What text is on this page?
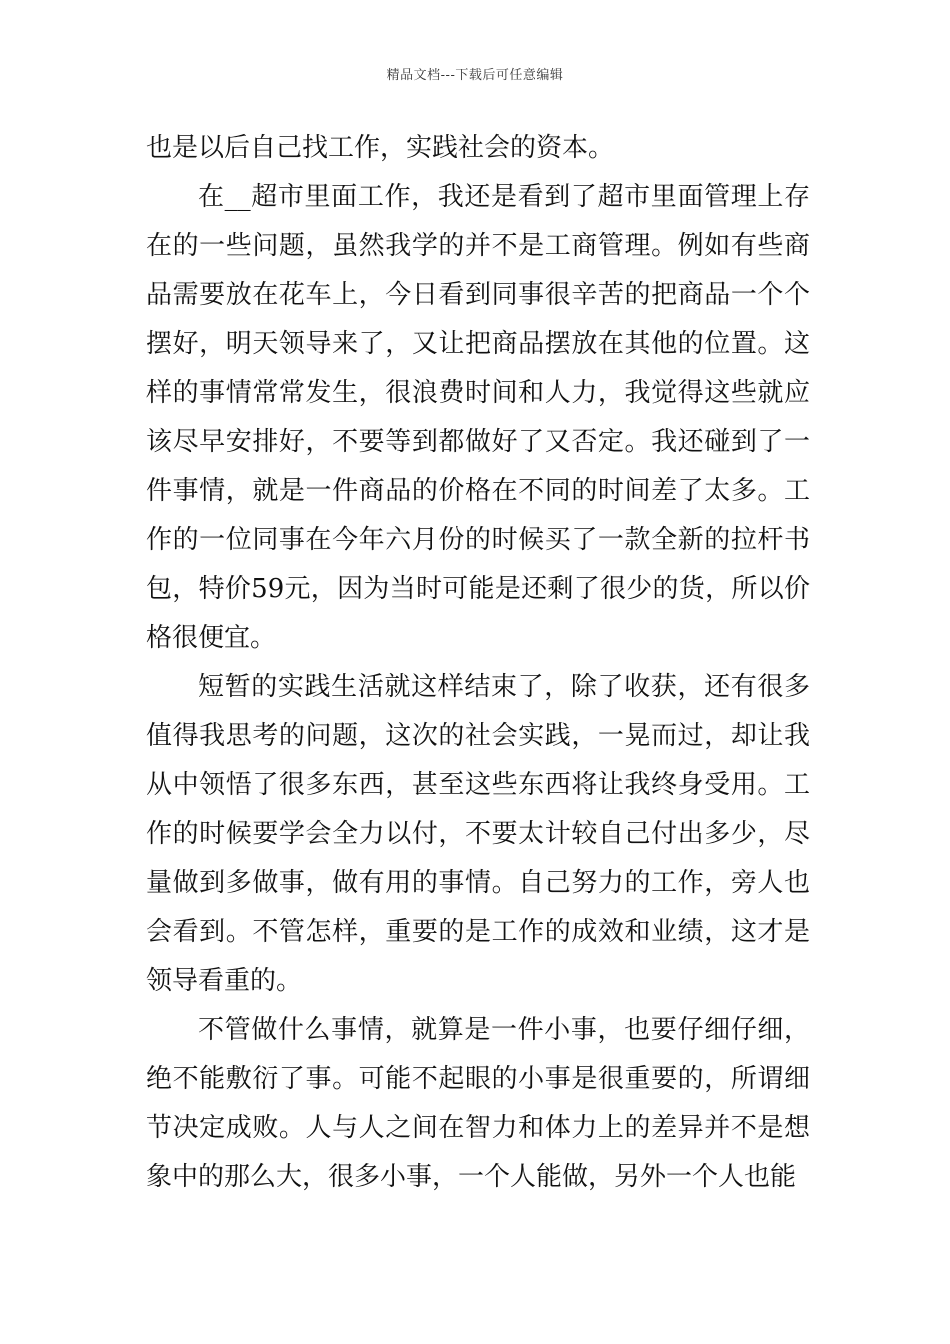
精品文档---下载后可任意编辑

也是以后自己找工作，实践社会的资本。

在__超市里面工作，我还是看到了超市里面管理上存在的一些问题，虽然我学的并不是工商管理。例如有些商品需要放在花车上，今日看到同事很辛苦的把商品一个个摆好，明天领导来了，又让把商品摆放在其他的位置。这样的事情常常发生，很浪费时间和人力，我觉得这些就应该尽早安排好，不要等到都做好了又否定。我还碰到了一件事情，就是一件商品的价格在不同的时间差了太多。工作的一位同事在今年六月份的时候买了一款全新的拉杆书包，特价59元，因为当时可能是还剩了很少的货，所以价格很便宜。

短暂的实践生活就这样结束了，除了收获，还有很多值得我思考的问题，这次的社会实践，一晃而过，却让我从中领悟了很多东西，甚至这些东西将让我终身受用。工作的时候要学会全力以付，不要太计较自己付出多少，尽量做到多做事，做有用的事情。自己努力的工作，旁人也会看到。不管怎样，重要的是工作的成效和业绩，这才是领导看重的。

不管做什么事情，就算是一件小事，也要仔细仔细，绝不能敷衍了事。可能不起眼的小事是很重要的，所谓细节决定成败。人与人之间在智力和体力上的差异并不是想象中的那么大，很多小事，一个人能做，另外一个人也能
